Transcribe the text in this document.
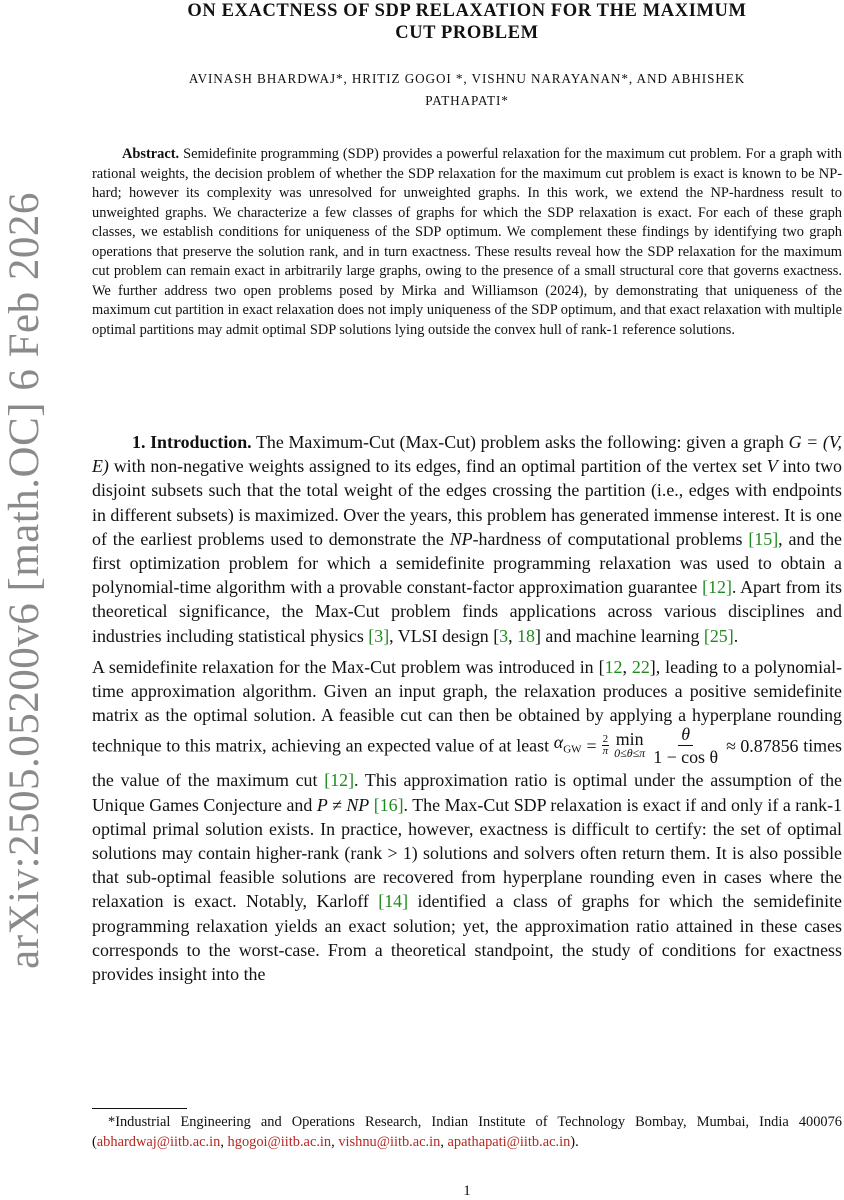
arXiv:2505.05200v6 [math.OC] 6 Feb 2026
ON EXACTNESS OF SDP RELAXATION FOR THE MAXIMUM
CUT PROBLEM
AVINASH BHARDWAJ*, HRITIZ GOGOI *, VISHNU NARAYANAN*, AND ABHISHEK
PATHAPATI*
Abstract. Semidefinite programming (SDP) provides a powerful relaxation for the maximum cut problem. For a graph with rational weights, the decision problem of whether the SDP relaxation for the maximum cut problem is exact is known to be NP-hard; however its complexity was unresolved for unweighted graphs. In this work, we extend the NP-hardness result to unweighted graphs. We characterize a few classes of graphs for which the SDP relaxation is exact. For each of these graph classes, we establish conditions for uniqueness of the SDP optimum. We complement these findings by identifying two graph operations that preserve the solution rank, and in turn exactness. These results reveal how the SDP relaxation for the maximum cut problem can remain exact in arbitrarily large graphs, owing to the presence of a small structural core that governs exactness. We further address two open problems posed by Mirka and Williamson (2024), by demonstrating that uniqueness of the maximum cut partition in exact relaxation does not imply uniqueness of the SDP optimum, and that exact relaxation with multiple optimal partitions may admit optimal SDP solutions lying outside the convex hull of rank-1 reference solutions.

1. Introduction. The Maximum-Cut (Max-Cut) problem asks the following: given a graph G = (V, E) with non-negative weights assigned to its edges, find an optimal partition of the vertex set V into two disjoint subsets such that the total weight of the edges crossing the partition (i.e., edges with endpoints in different subsets) is maximized. Over the years, this problem has generated immense interest. It is one of the earliest problems used to demonstrate the NP-hardness of computational problems [15], and the first optimization problem for which a semidefinite programming relaxation was used to obtain a polynomial-time algorithm with a provable constant-factor approximation guarantee [12]. Apart from its theoretical significance, the Max-Cut problem finds applications across various disciplines and industries including statistical physics [3], VLSI design [3, 18] and machine learning [25].

A semidefinite relaxation for the Max-Cut problem was introduced in [12, 22], leading to a polynomial-time approximation algorithm. Given an input graph, the relaxation produces a positive semidefinite matrix as the optimal solution. A feasible cut can then be obtained by applying a hyperplane rounding technique to this matrix, achieving an expected value of at least $\alpha_{GW} = 2$
π
min
$0\le\theta\le\pi \frac{\theta}{\text{1 − cos θ}} \approx 0.87856$ times the value of the maximum cut [12]. This approximation ratio is optimal under the assumption of the Unique Games Conjecture and P ≠ NP [16]. The Max-Cut SDP relaxation is exact if and only if a rank-1 optimal primal solution exists. In practice, however, exactness is difficult to certify: the set of optimal solutions may contain higher-rank (rank > 1) solutions and solvers often return them. It is also possible that sub-optimal feasible solutions are recovered from hyperplane rounding even in cases where the relaxation is exact. Notably, Karloff [14] identified a class of graphs for which the semidefinite programming relaxation yields an exact solution; yet, the approximation ratio attained in these cases corresponds to the worst-case. From a theoretical standpoint, the study of conditions for exactness provides insight into the

*Industrial Engineering and Operations Research, Indian Institute of Technology Bombay, Mumbai, India 400076 (abhardwaj@iitb.ac.in, hgogoi@iitb.ac.in, vishnu@iitb.ac.in, apathapati@iitb.ac.in).
1
